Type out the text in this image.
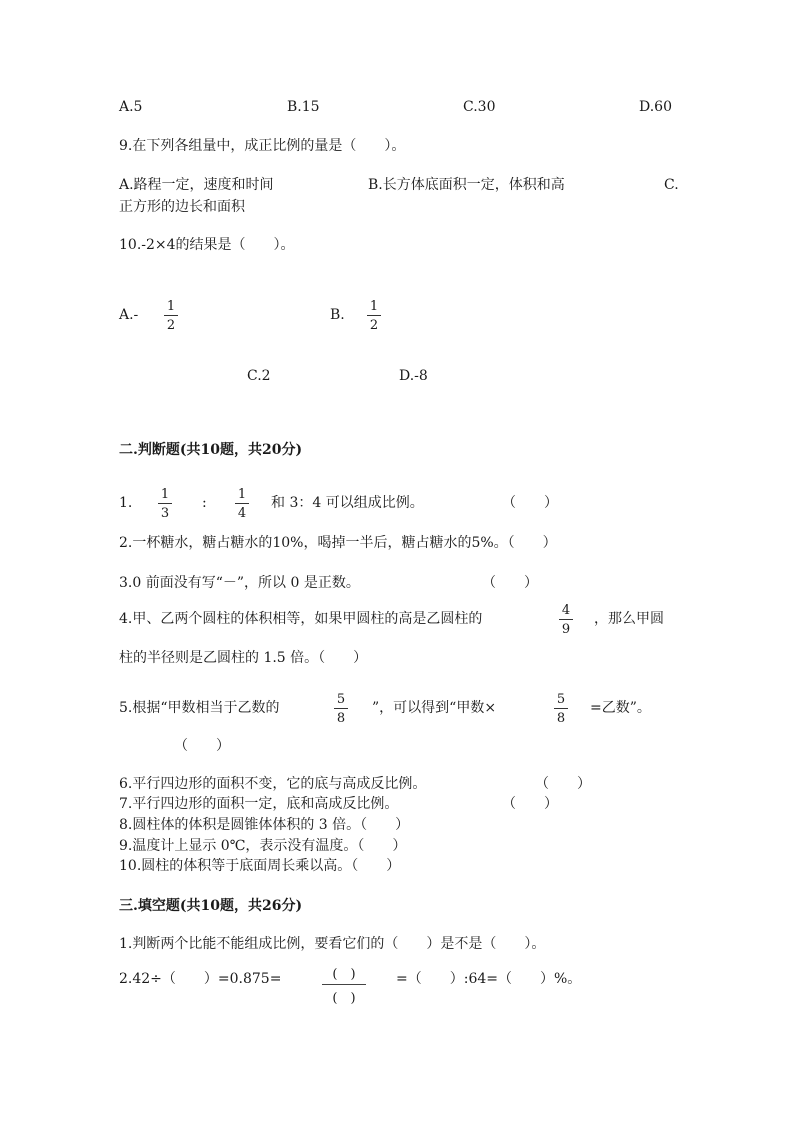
A.5	B.15	C.30	D.60
9.在下列各组量中，成正比例的量是（　　）。
A.路程一定，速度和时间	B.长方体底面积一定，体积和高	C.
正方形的边长和面积
10.-2×4的结果是（　　）。
A.-
1
2
B.
1
2
C.2	D.-8
二.判断题(共10题，共20分)
1.
1
3
:
1
4
和 3：4 可以组成比例。	（　　）
2.一杯糖水，糖占糖水的10%，喝掉一半后，糖占糖水的5%。（　　）
3.0 前面没有写“－”，所以 0 是正数。	（　　）
4.甲、乙两个圆柱的体积相等，如果甲圆柱的高是乙圆柱的
4
9
，那么甲圆
柱的半径则是乙圆柱的 1.5 倍。（　　）
5.根据“甲数相当于乙数的
5
8
”，可以得到“甲数×
5
8
=乙数”。
（　　）
6.平行四边形的面积不变，它的底与高成反比例。	（　　）
7.平行四边形的面积一定，底和高成反比例。	（　　）
8.圆柱体的体积是圆锥体体积的 3 倍。（　　）
9.温度计上显示 0℃，表示没有温度。（　　）
10.圆柱的体积等于底面周长乘以高。（　　）
三.填空题(共10题，共26分)
1.判断两个比能不能组成比例，要看它们的（　　）是不是（　　）。
2.42÷（　　）=0.875=	(　)
(　)
=（　　）:64=（　　）%。
